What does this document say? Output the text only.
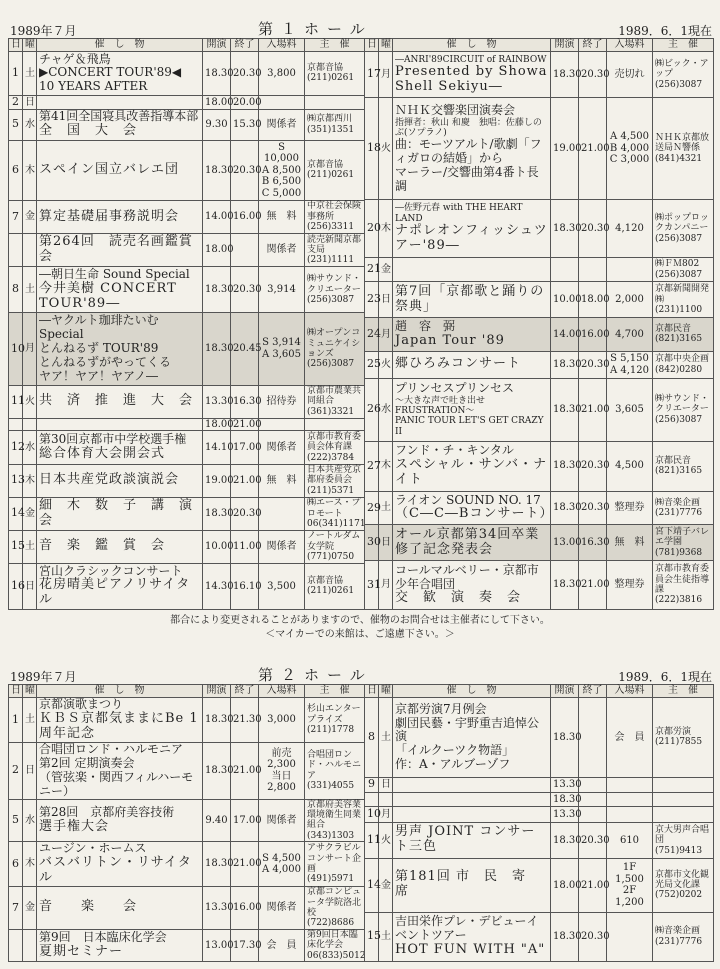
1989年７月	第１ホール	1989．6．1現在
日	曜	催　し　物	開演	終了	入場料	主　催
1	土	チャゲ＆飛鳥
▶CONCERT TOUR'89◀
10 YEARS AFTER	18.30	20.30	3,800	京都音協 (211)0261
2	日		18.00	20.00		
5	水	第41回全国寝具改善指導本部
全　国　大　会	9.30	15.30	関係者	㈱京都西川 (351)1351
6	木	スペイン国立バレエ団	18.30	20.30	S 10,000 A 8,500 B 6,500 C 5,000	京都音協 (211)0261
7	金	算定基礎届事務説明会	14.00	16.00	無　料	中京社会保険事務所 (256)3311

		第264回　読売名画鑑賞会	18.00		関係者	読売新聞京都支局 (231)1111
8	土	―朝日生命 Sound Special
今井美樹 CONCERT TOUR'89―	18.30	20.30	3,914	㈱サウンド・クリエーター (256)3087
10	月	―ヤクルト珈琲たいむ Special
とんねるず TOUR'89
とんねるずがやってくる
ヤア！ヤア！ヤアノ―	18.30	20.45	S 3,914 A 3,605	㈱オープンコミュニケイションズ (256)3087
11	火	共　済　推　進　大　会	13.30	16.30	招待券	京都市農業共同組合 (361)3321
			18.00	21.00		
12	水	第30回京都市中学校選手権
総合体育大会開会式	14.10	17.00	関係者	京都市教育委員会体育課 (222)3784
13	木	日本共産党政談演説会	19.00	21.00	無　料	日本共産党京都府委員会 (211)5371
14	金	細　木　数　子　講　演　会	18.30	20.30		㈱エース・プロモート 06(341)1171
15	土	音　楽　鑑　賞　会	10.00	11.00	関係者	ノートルダム女学院 (771)0750
16	日	宮山クラシックコンサート
花房晴美ピアノリサイタル	14.30	16.10	3,500	京都音協 (211)0261
日	曜	催　し　物	開演	終了	入場料	主　催
17	月	―ANRI'89CIRCUIT of RAINBOW
Presented by Showa Shell Sekiyu―	18.30	20.30	売切れ	㈱ビック・アップ (256)3087
18	火	ＮＨＫ交響楽団演奏会
指揮者：秋山 和慶　独唱：佐藤しのぶ(ソプラノ)
曲：モーツアルト/歌劇「フィガロの結婚」から
マーラー/交響曲第4番ト長調	19.00	21.00	A 4,500 B 4,000 C 3,000	ＮＨＫ京都放送局Ｎ響係 (841)4321
20	木	―佐野元春 with THE HEART LAND
ナポレオンフィッシュツアー'89―	18.30	20.30	4,120	㈱ポップロックカンパニー (256)3087
21	金					㈱ＦＭ802 (256)3087
23	日	第7回「京都歌と踊りの祭典」	10.00	18.00	2,000	京都新聞開発㈱ (231)1100
24	月	趙　容　弼
Japan Tour '89	14.00	16.00	4,700	京都民音 (821)3165
25	火	郷ひろみコンサート	18.30	20.30	S 5,150 A 4,120	京都中央企画 (842)0280
26	水	プリンセスプリンセス
～大きな声で吐き出せ FRUSTRATION～
PANIC TOUR LET'S GET CRAZY II	18.30	21.00	3,605	㈱サウンド・クリエーター (256)3087
27	木	フンド・チ・キンタル
スペシャル・サンバ・ナイト	18.30	20.30	4,500	京都民音 (821)3165
29	土	ライオン SOUND NO. 17
（C―C―Bコンサート）	18.30	20.30	整理券	㈱音楽企画 (231)7776
30	日	オール京都第34回卒業修了記念発表会	13.00	16.30	無　料	宮下靖子バレエ学園 (781)9368
31	月	コールマルベリー・京都市少年合唱団
交　歓　演　奏　会	18.30	21.00	整理券	京都市教育委員会生徒指導課 (222)3816
都合により変更されることがありますので、催物のお問合せは主催者にして下さい。
＜マイカーでの来館は、ご遠慮下さい。＞
1989年７月	第２ホール	1989．6．1現在
日	曜	催　し　物	開演	終了	入場料	主　催
1	土	京都演歌まつり
ＫＢＳ京都気ままにBe 1周年記念	18.30	21.30	3,000	杉山エンタープライズ (211)1778
2	日	合唱団ロンド・ハルモニア
第2回 定期演奏会
（管弦楽・関西フィルハーモニー）	18.30	21.00	前売2,300 当日2,800	合唱団ロンド・ハルモニア (331)4055
5	水	第28回　京都府美容技術
選手権大会	9.40	17.00	関係者	京都府美容業環境衛生同業組合 (343)1303
6	木	ユージン・ホームス
バスバリトン・リサイタル	18.30	21.00	S 4,500 A 4,000	アサクラビルコンサート企画 (491)5971
7	金	音　　楽　　会	13.30	16.00	関係者	京都コンピュータ学院洛北校 (722)8686

		第9回　日本臨床化学会
夏期セミナー	13.00	17.30	会　員	第9回日本臨床化学会 06(833)5012
日	曜	催　し　物	開演	終了	入場料	主　催
8	土	京都労演7月例会
劇団民藝・宇野重吉追悼公演
「イルクーツク物語」
作：A・アルブーゾフ	18.30		会　員	京都労演 (211)7855
9	日		13.30			
			18.30			
10	月		13.30			
11	火	男声 JOINT コンサート三色	18.30	20.30	610	京大男声合唱団 (751)9413
14	金	第181回 市　民　寄　席	18.00	21.00	1F 1,500 2F 1,200	京都市文化観光局文化課 (752)0202
15	土	吉田栄作プレ・デビューイベントツアー
HOT FUN WITH "A"	18.30	20.30		㈱音楽企画 (231)7776
